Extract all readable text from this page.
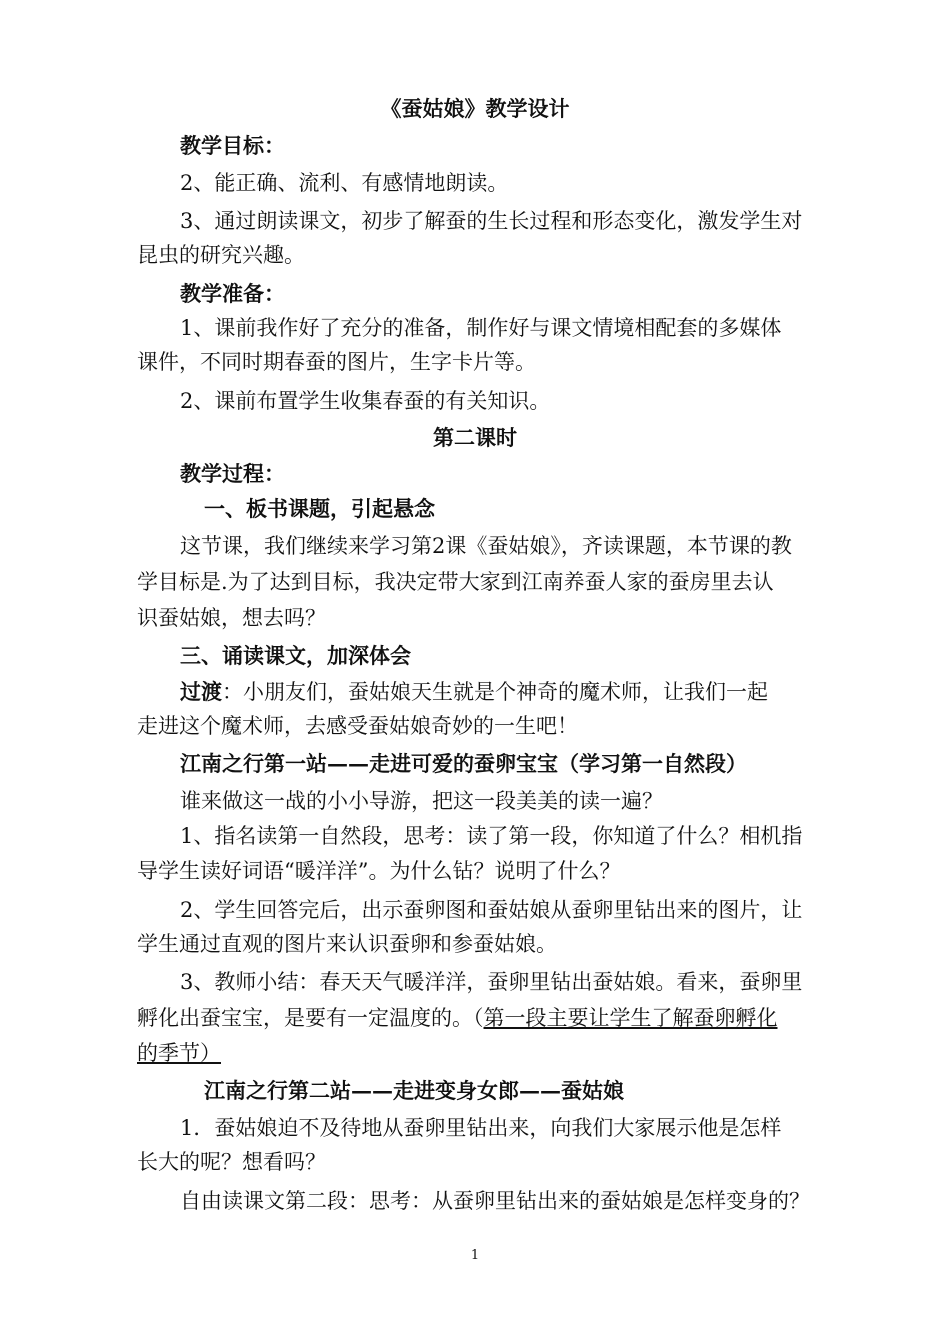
《蚕姑娘》教学设计

教学目标：

2、能正确、流利、有感情地朗读。

3、通过朗读课文，初步了解蚕的生长过程和形态变化，激发学生对

昆虫的研究兴趣。

教学准备：

1、课前我作好了充分的准备，制作好与课文情境相配套的多媒体

课件，不同时期春蚕的图片，生字卡片等。

2、课前布置学生收集春蚕的有关知识。

第二课时

教学过程：

一、板书课题，引起悬念

这节课，我们继续来学习第2课《蚕姑娘》，齐读课题，本节课的教

学目标是.为了达到目标，我决定带大家到江南养蚕人家的蚕房里去认

识蚕姑娘，想去吗？

三、诵读课文，加深体会

过渡：小朋友们，蚕姑娘天生就是个神奇的魔术师，让我们一起

走进这个魔术师，去感受蚕姑娘奇妙的一生吧！

江南之行第一站——走进可爱的蚕卵宝宝（学习第一自然段）

谁来做这一战的小小导游，把这一段美美的读一遍？

1、指名读第一自然段，思考：读了第一段，你知道了什么？相机指

导学生读好词语“暖洋洋”。为什么钻？说明了什么？

2、学生回答完后，出示蚕卵图和蚕姑娘从蚕卵里钻出来的图片，让

学生通过直观的图片来认识蚕卵和参蚕姑娘。

3、教师小结：春天天气暖洋洋，蚕卵里钻出蚕姑娘。看来，蚕卵里

孵化出蚕宝宝，是要有一定温度的。（第一段主要让学生了解蚕卵孵化

的季节）

江南之行第二站——走进变身女郎——蚕姑娘

1．蚕姑娘迫不及待地从蚕卵里钻出来，向我们大家展示他是怎样

长大的呢？想看吗？

自由读课文第二段：思考：从蚕卵里钻出来的蚕姑娘是怎样变身的？

1
